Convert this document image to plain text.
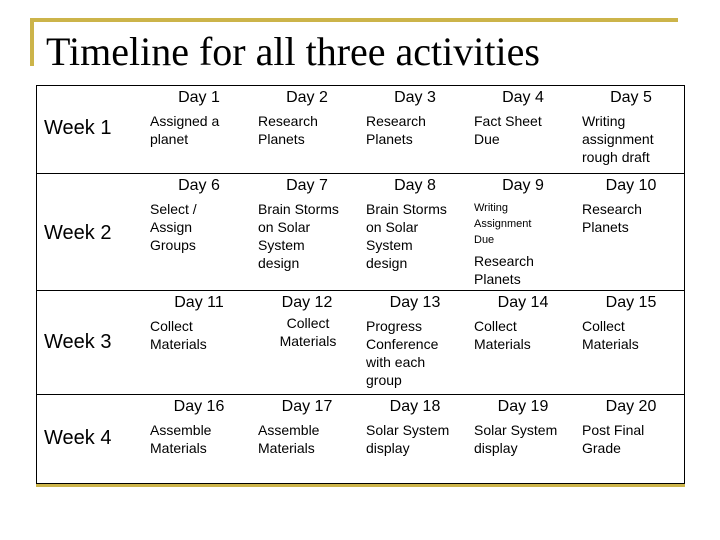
Timeline for all three activities
Week 1
Day 1
Assigned a
planet
Day 2
Research
Planets
Day 3
Research
Planets
Day 4
Fact Sheet
Due
Day 5
Writing
assignment
rough draft
Week 2
Day 6
Select /
Assign
Groups
Day 7
Brain Storms
on Solar
System
design
Day 8
Brain Storms
on Solar
System
design
Day 9
Writing
Assignment
Due
Research
Planets
Day 10
Research
Planets
Week 3
Day 11
Collect
Materials
Day 12
Collect
Materials
Day 13
Progress
Conference
with each
group
Day 14
Collect
Materials
Day 15
Collect
Materials
Week 4
Day 16
Assemble
Materials
Day 17
Assemble
Materials
Day 18
Solar System
display
Day 19
Solar System
display
Day 20
Post Final
Grade
